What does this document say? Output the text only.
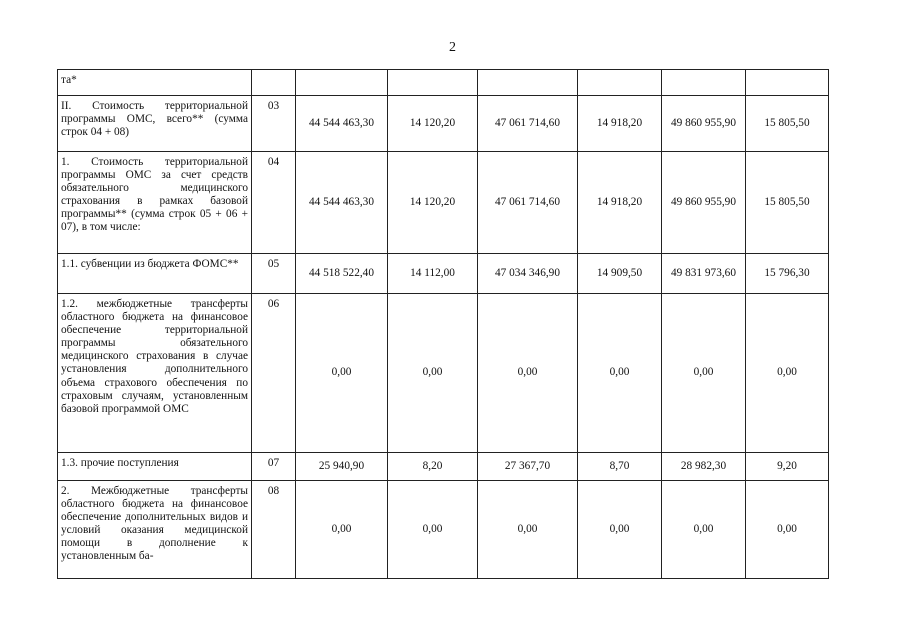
2
та*							
II. Стоимость территориальной программы ОМС, всего** (сумма строк 04 + 08)	03	44 544 463,30	14 120,20	47 061 714,60	14 918,20	49 860 955,90	15 805,50
1. Стоимость территориальной программы ОМС за счет средств обязательного медицинского страхования в рамках базовой программы** (сумма строк 05 + 06 + 07), в том числе:	04	44 544 463,30	14 120,20	47 061 714,60	14 918,20	49 860 955,90	15 805,50
1.1. субвенции из бюджета ФОМС**	05	44 518 522,40	14 112,00	47 034 346,90	14 909,50	49 831 973,60	15 796,30
1.2. межбюджетные трансферты областного бюджета на финансовое обеспечение территориальной программы обязательного медицинского страхования в случае установления дополнительного объема страхового обеспечения по страховым случаям, установленным базовой программой ОМС	06	0,00	0,00	0,00	0,00	0,00	0,00
1.3. прочие поступления	07	25 940,90	8,20	27 367,70	8,70	28 982,30	9,20
2. Межбюджетные трансферты областного бюджета на финансовое обеспечение дополнительных видов и условий оказания медицинской помощи в дополнение к установленным ба-	08	0,00	0,00	0,00	0,00	0,00	0,00
